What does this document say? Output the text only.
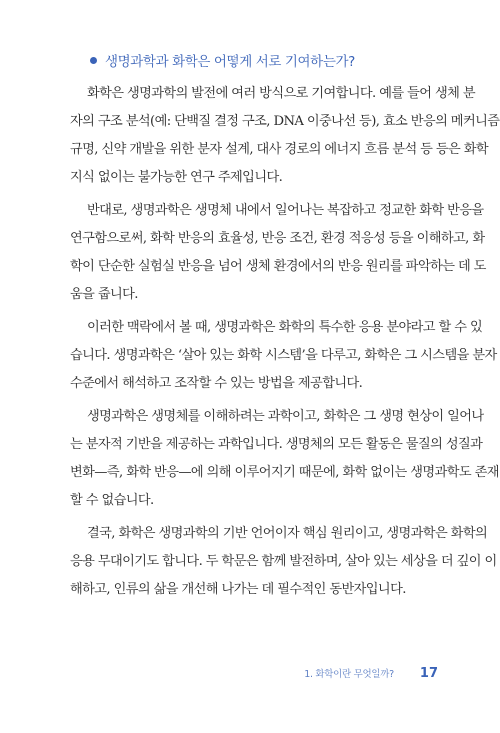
생명과학과 화학은 어떻게 서로 기여하는가?
화학은 생명과학의 발전에 여러 방식으로 기여합니다. 예를 들어 생체 분
자의 구조 분석(예: 단백질 결정 구조, DNA 이중나선 등), 효소 반응의 메커니즘
규명, 신약 개발을 위한 분자 설계, 대사 경로의 에너지 흐름 분석 등 등은 화학
지식 없이는 불가능한 연구 주제입니다.
반대로, 생명과학은 생명체 내에서 일어나는 복잡하고 정교한 화학 반응을
연구함으로써, 화학 반응의 효율성, 반응 조건, 환경 적응성 등을 이해하고, 화
학이 단순한 실험실 반응을 넘어 생체 환경에서의 반응 원리를 파악하는 데 도
움을 줍니다.
이러한 맥락에서 볼 때, 생명과학은 화학의 특수한 응용 분야라고 할 수 있
습니다. 생명과학은 ‘살아 있는 화학 시스템’을 다루고, 화학은 그 시스템을 분자
수준에서 해석하고 조작할 수 있는 방법을 제공합니다.
생명과학은 생명체를 이해하려는 과학이고, 화학은 그 생명 현상이 일어나
는 분자적 기반을 제공하는 과학입니다. 생명체의 모든 활동은 물질의 성질과
변화—즉, 화학 반응—에 의해 이루어지기 때문에, 화학 없이는 생명과학도 존재
할 수 없습니다.
결국, 화학은 생명과학의 기반 언어이자 핵심 원리이고, 생명과학은 화학의
응용 무대이기도 합니다. 두 학문은 함께 발전하며, 살아 있는 세상을 더 깊이 이
해하고, 인류의 삶을 개선해 나가는 데 필수적인 동반자입니다.
1. 화학이란 무엇일까? 17
